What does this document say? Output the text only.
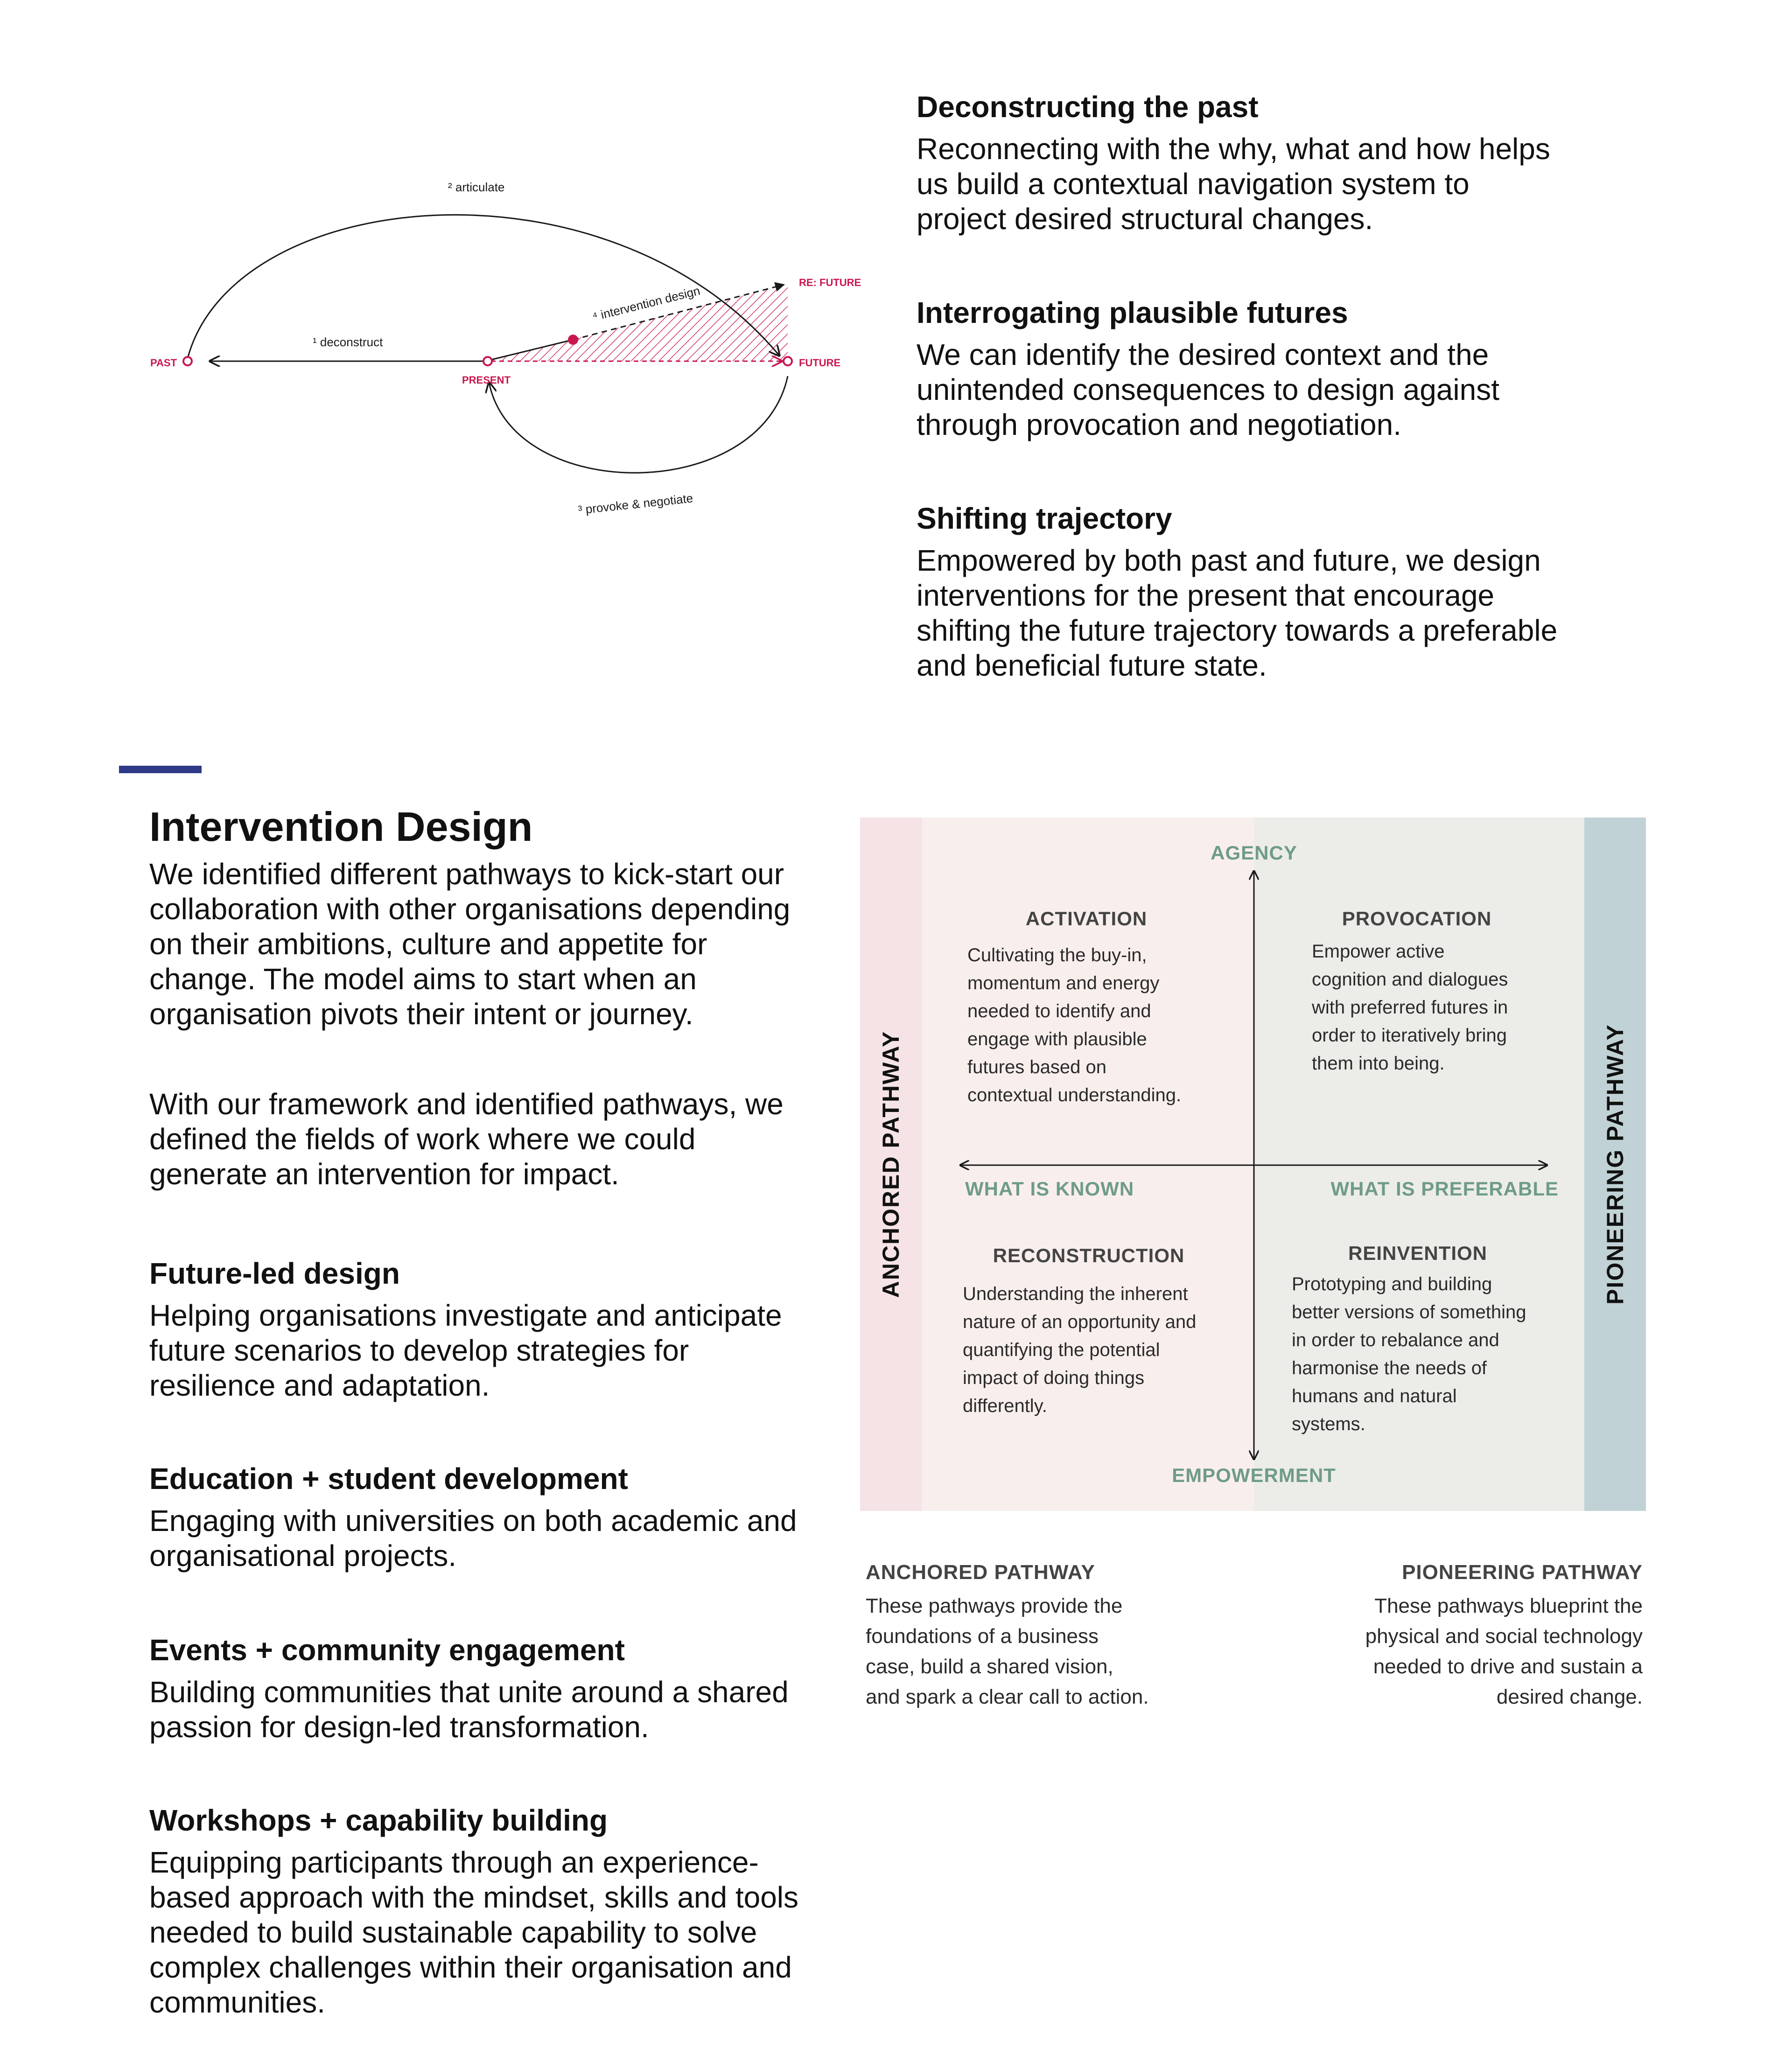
PAST
PRESENT
FUTURE
RE: FUTURE
¹ deconstruct
² articulate
⁴ intervention design
³ provoke & negotiate

Deconstructing the past

Reconnecting with the why, what and how helps

us build a contextual navigation system to

project desired structural changes.

Interrogating plausible futures

We can identify the desired context and the

unintended consequences to design against

through provocation and negotiation.

Shifting trajectory

Empowered by both past and future, we design

interventions for the present that encourage

shifting the future trajectory towards a preferable

and beneficial future state.

Intervention Design

We identified different pathways to kick-start our

collaboration with other organisations depending

on their ambitions, culture and appetite for

change. The model aims to start when an

organisation pivots their intent or journey.

With our framework and identified pathways, we

defined the fields of work where we could

generate an intervention for impact.

Future-led design

Helping organisations investigate and anticipate

future scenarios to develop strategies for

resilience and adaptation.

Education + student development

Engaging with universities on both academic and

organisational projects.

Events + community engagement

Building communities that unite around a shared

passion for design-led transformation.

Workshops + capability building

Equipping participants through an experience-

based approach with the mindset, skills and tools

needed to build sustainable capability to solve

complex challenges within their organisation and

communities.

ANCHORED PATHWAY	PIONEERING PATHWAY
AGENCY
EMPOWERMENT
WHAT IS KNOWN	WHAT IS PREFERABLE
ACTIVATION

Cultivating the buy-in,

momentum and energy

needed to identify and

engage with plausible

futures based on

contextual understanding.

PROVOCATION

Empower active

cognition and dialogues

with preferred futures in

order to iteratively bring

them into being.

RECONSTRUCTION

Understanding the inherent

nature of an opportunity and

quantifying the potential

impact of doing things

differently.

REINVENTION

Prototyping and building

better versions of something

in order to rebalance and

harmonise the needs of

humans and natural

systems.

ANCHORED PATHWAY
These pathways provide the
foundations of a business
case, build a shared vision,
and spark a clear call to action.
PIONEERING PATHWAY
These pathways blueprint the
physical and social technology
needed to drive and sustain a
desired change.
